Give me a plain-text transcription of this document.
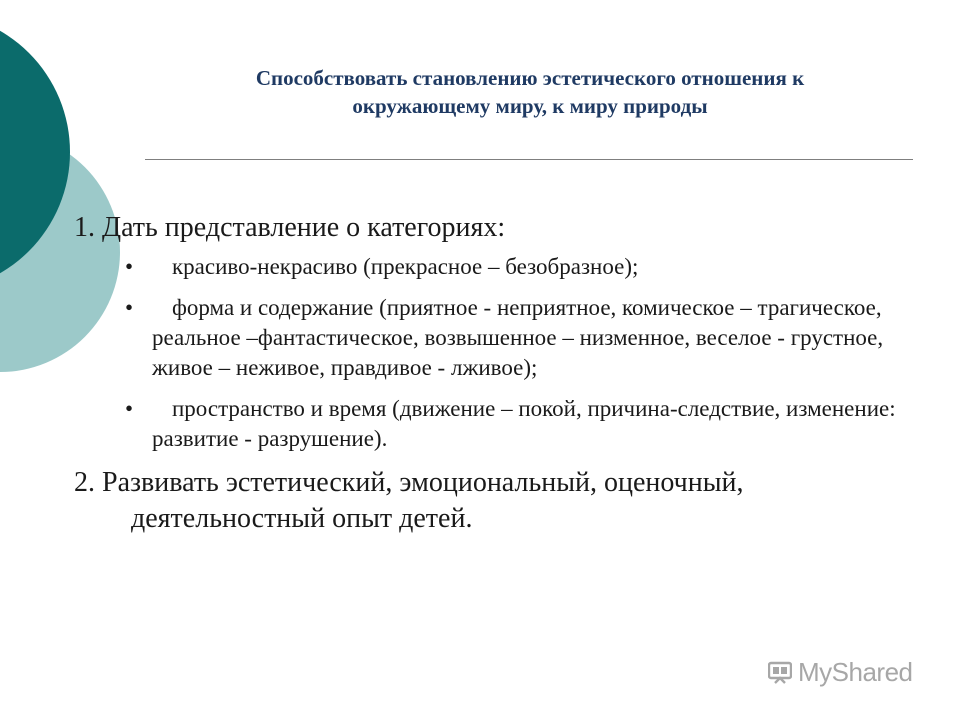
Способствовать становлению эстетического отношения к
окружающему миру, к миру природы

1. Дать представление о категориях:

• красиво-некрасиво (прекрасное – безобразное);
• форма и содержание (приятное - неприятное, комическое – трагическое, реальное –фантастическое, возвышенное – низменное, веселое - грустное, живое – неживое, правдивое - лживое);
• пространство и время (движение – покой, причина-следствие, изменение: развитие - разрушение).

2. Развивать эстетический, эмоциональный, оценочный, деятельностный опыт детей.

MyShared
